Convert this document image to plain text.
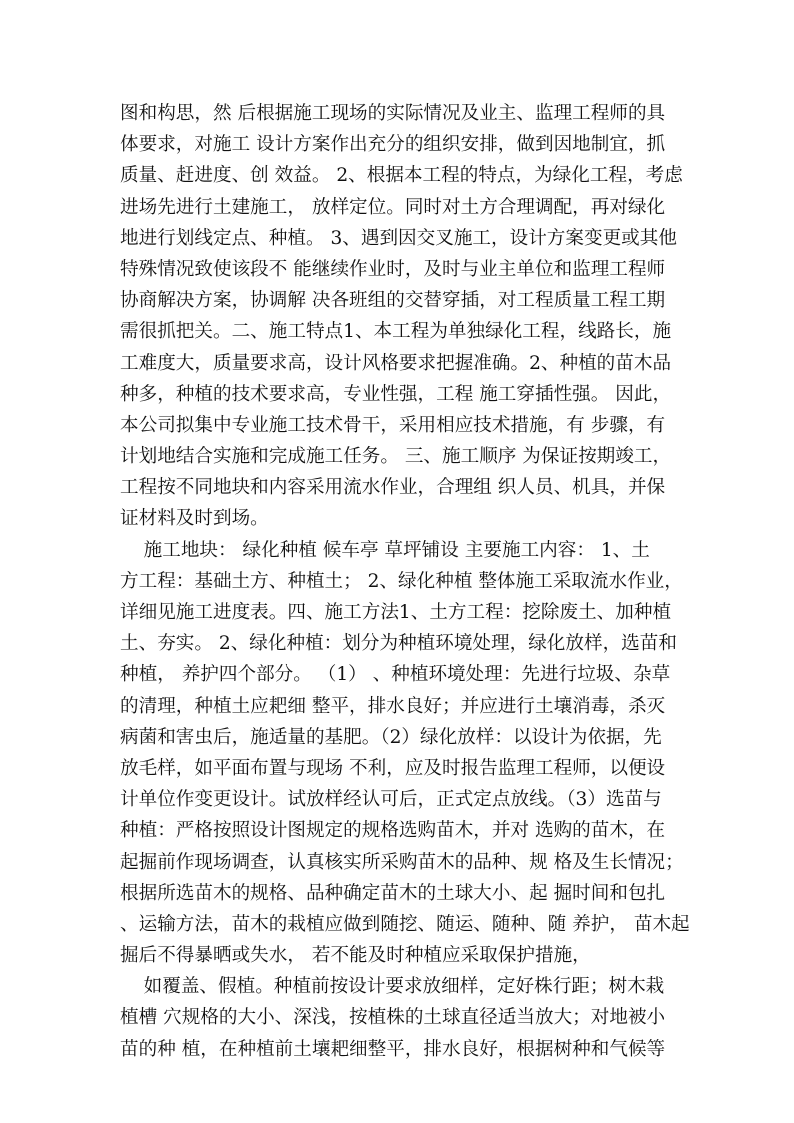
图和构思，然 后根据施工现场的实际情况及业主、监理工程师的具
体要求，对施工 设计方案作出充分的组织安排，做到因地制宜，抓
质量、赶进度、创 效益。 2、根据本工程的特点，为绿化工程，考虑
进场先进行土建施工， 放样定位。同时对土方合理调配，再对绿化
地进行划线定点、种植。 3、遇到因交叉施工，设计方案变更或其他
特殊情况致使该段不 能继续作业时，及时与业主单位和监理工程师
协商解决方案，协调解 决各班组的交替穿插，对工程质量工程工期
需很抓把关。二、施工特点1、本工程为单独绿化工程，线路长，施
工难度大，质量要求高，设计风格要求把握准确。2、种植的苗木品
种多，种植的技术要求高，专业性强，工程 施工穿插性强。 因此，
本公司拟集中专业施工技术骨干，采用相应技术措施，有 步骤，有
计划地结合实施和完成施工任务。 三、施工顺序 为保证按期竣工，
工程按不同地块和内容采用流水作业，合理组 织人员、机具，并保
证材料及时到场。
施工地块： 绿化种植 候车亭 草坪铺设 主要施工内容： 1、土
方工程：基础土方、种植土； 2、绿化种植 整体施工采取流水作业，
详细见施工进度表。四、施工方法1、土方工程：挖除废土、加种植
土、夯实。 2、绿化种植：划分为种植环境处理，绿化放样，选苗和
种植， 养护四个部分。 （1） 、种植环境处理：先进行垃圾、杂草
的清理，种植土应耙细 整平，排水良好；并应进行土壤消毒，杀灭
病菌和害虫后，施适量的基肥。（2）绿化放样：以设计为依据，先
放毛样，如平面布置与现场 不利，应及时报告监理工程师，以便设
计单位作变更设计。试放样经认可后，正式定点放线。（3）选苗与
种植：严格按照设计图规定的规格选购苗木，并对 选购的苗木，在
起掘前作现场调查，认真核实所采购苗木的品种、规 格及生长情况；
根据所选苗木的规格、品种确定苗木的土球大小、起 掘时间和包扎
、运输方法，苗木的栽植应做到随挖、随运、随种、随 养护， 苗木起
掘后不得暴晒或失水， 若不能及时种植应采取保护措施，
如覆盖、假植。种植前按设计要求放细样，定好株行距；树木栽
植槽 穴规格的大小、深浅，按植株的土球直径适当放大；对地被小
苗的种 植，在种植前土壤耙细整平，排水良好，根据树种和气候等
